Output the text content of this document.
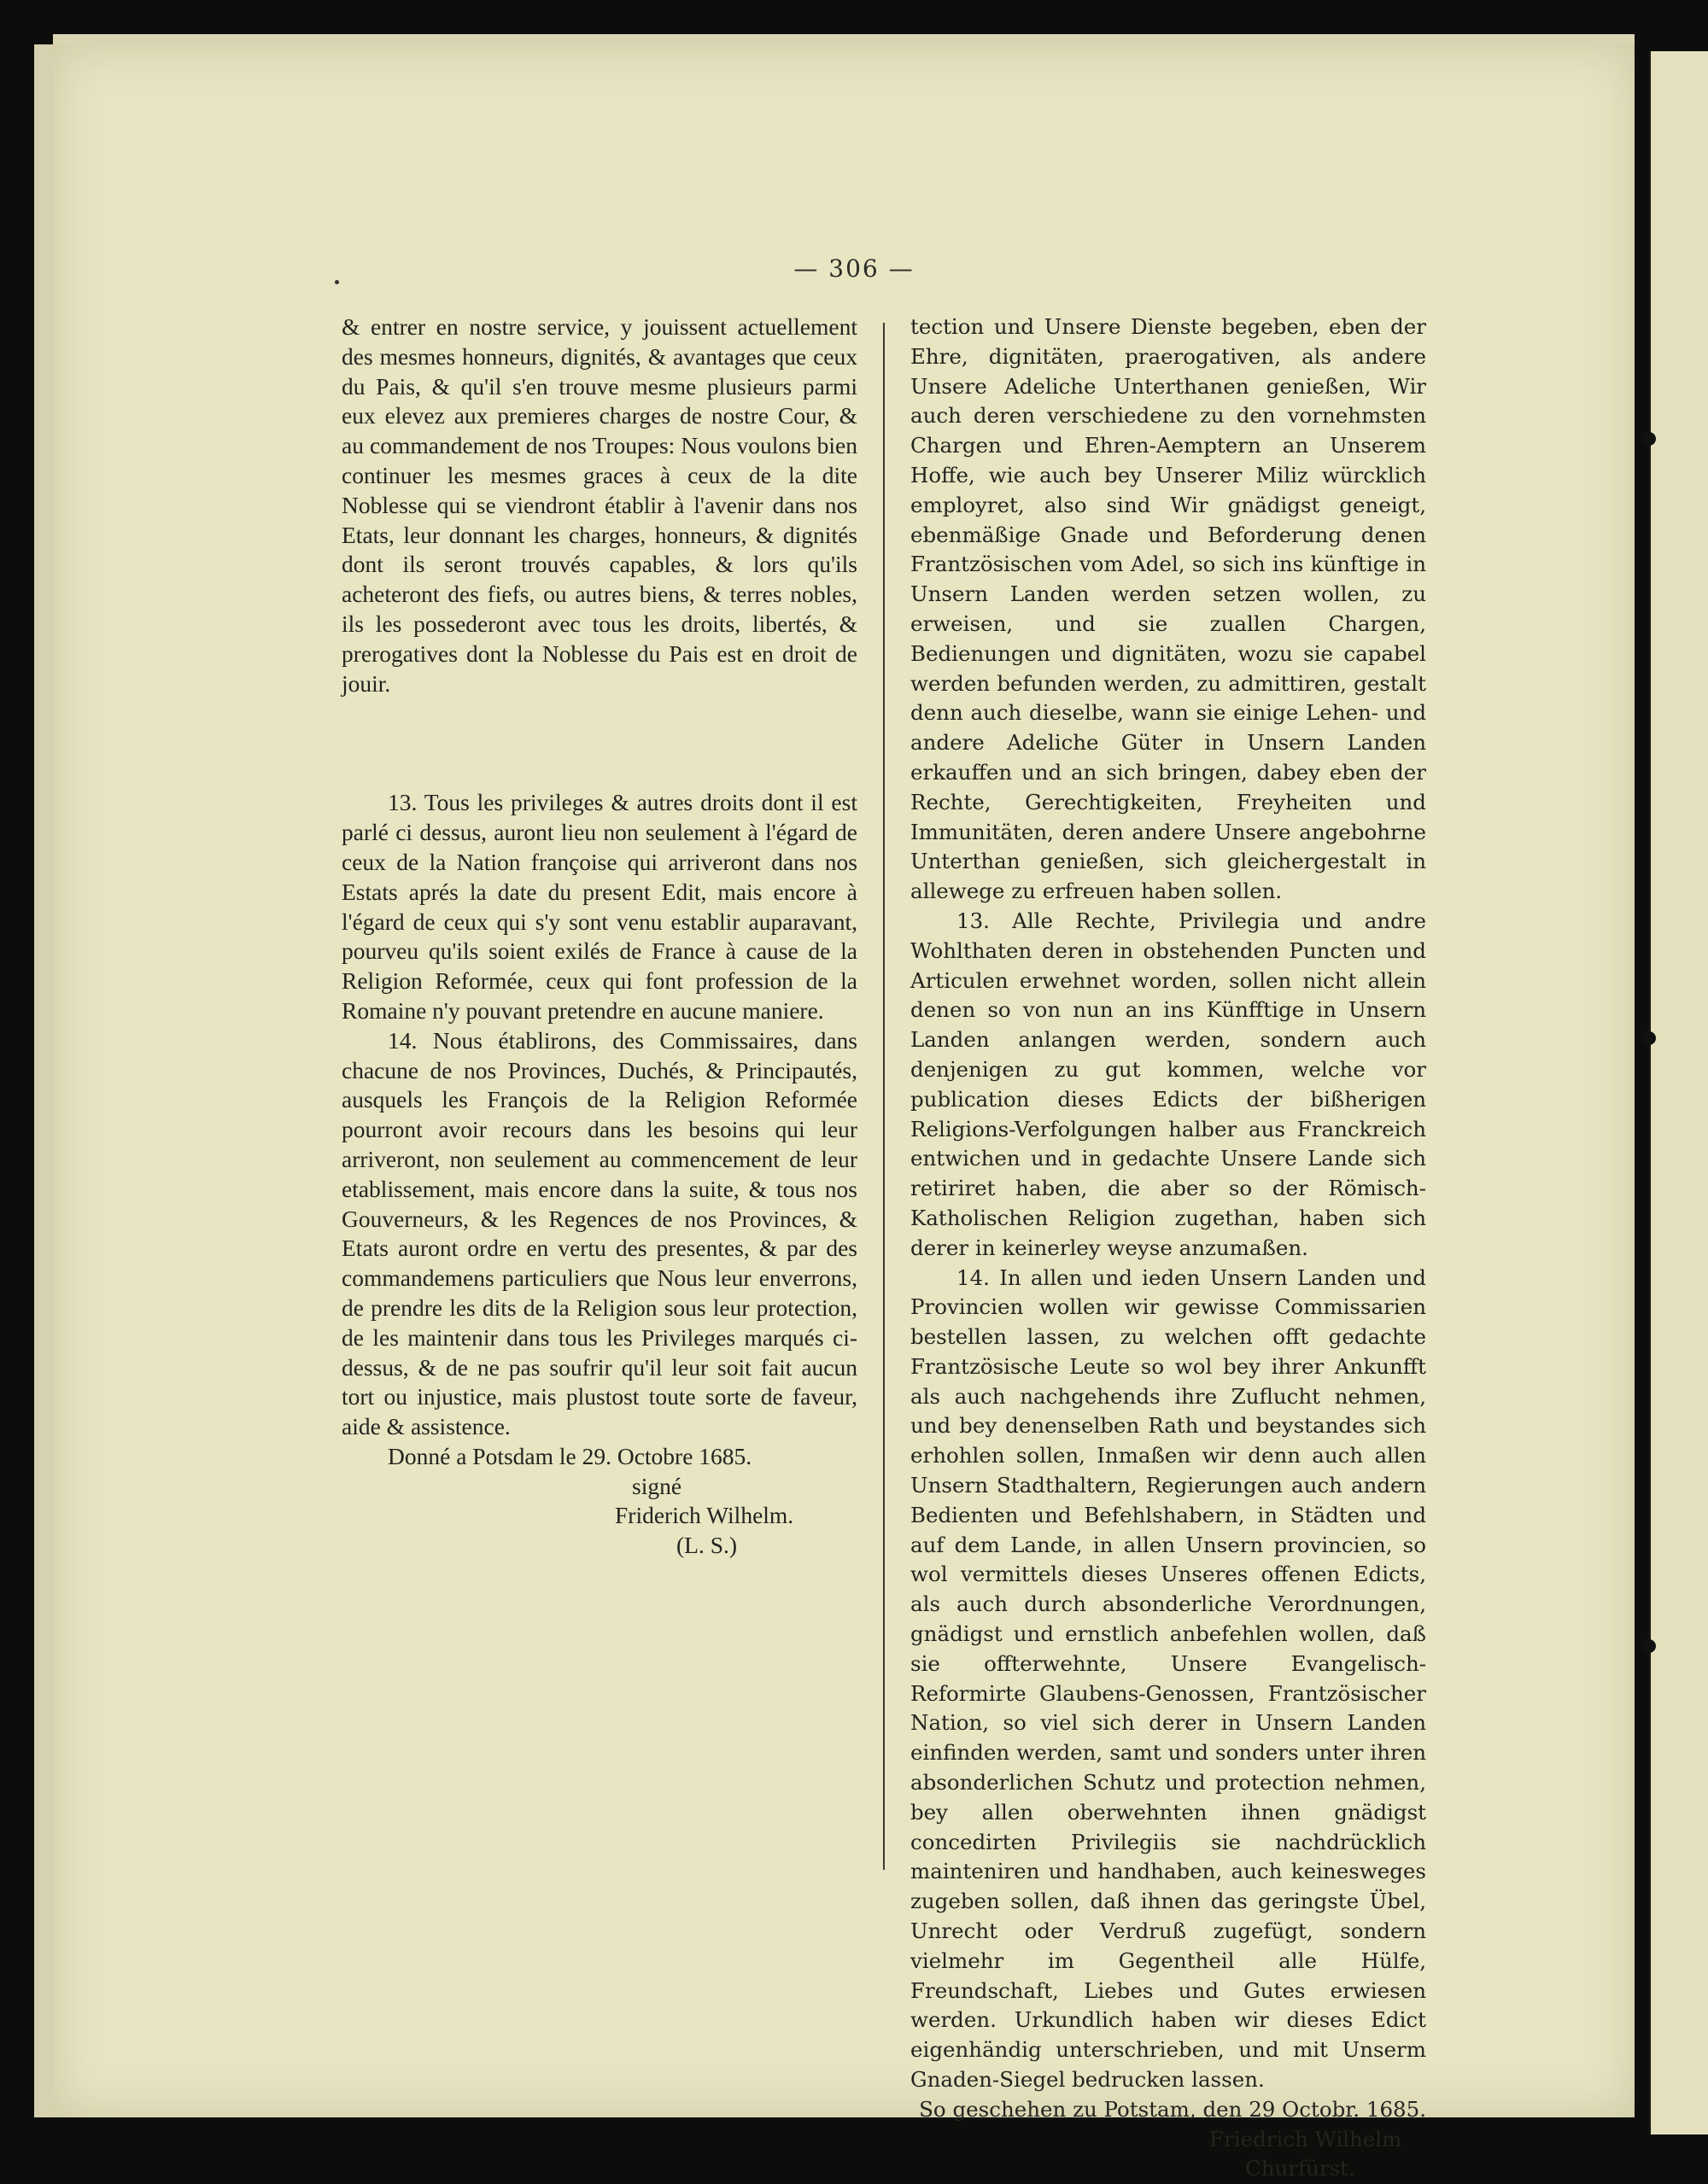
— 306 —

& entrer en nostre service, y jouissent actuellement des mesmes honneurs, dignités, & avantages que ceux du Pais, & qu'il s'en trouve mesme plusieurs parmi eux elevez aux premieres charges de nostre Cour, & au commandement de nos Troupes: Nous voulons bien continuer les mesmes graces à ceux de la dite Noblesse qui se viendront établir à l'avenir dans nos Etats, leur donnant les charges, honneurs, & dignités dont ils seront trouvés capables, & lors qu'ils acheteront des fiefs, ou autres biens, & terres nobles, ils les possederont avec tous les droits, libertés, & prerogatives dont la Noblesse du Pais est en droit de jouir.

13. Tous les privileges & autres droits dont il est parlé ci dessus, auront lieu non seulement à l'égard de ceux de la Nation françoise qui arriveront dans nos Estats aprés la date du present Edit, mais encore à l'égard de ceux qui s'y sont venu establir auparavant, pourveu qu'ils soient exilés de France à cause de la Religion Reformée, ceux qui font profession de la Romaine n'y pouvant pretendre en aucune maniere.

14. Nous établirons, des Commissaires, dans chacune de nos Provinces, Duchés, & Principautés, ausquels les François de la Religion Reformée pourront avoir recours dans les besoins qui leur arriveront, non seulement au commencement de leur etablissement, mais encore dans la suite, & tous nos Gouverneurs, & les Regences de nos Provinces, & Etats auront ordre en vertu des presentes, & par des commandemens particuliers que Nous leur enverrons, de prendre les dits de la Religion sous leur protection, de les maintenir dans tous les Privileges marqués ci-dessus, & de ne pas soufrir qu'il leur soit fait aucun tort ou injustice, mais plustost toute sorte de faveur, aide & assistence.

Donné a Potsdam le 29. Octobre 1685.
signé
Friderich Wilhelm.
(L. S.)

tection und Unsere Dienste begeben, eben der Ehre, dignitäten, praerogativen, als andere Unsere Adeliche Unterthanen genießen, Wir auch deren verschiedene zu den vornehmsten Chargen und Ehren-Aemptern an Unserem Hoffe, wie auch bey Unserer Miliz würcklich employret, also sind Wir gnädigst geneigt, ebenmäßige Gnade und Beforderung denen Frantzösischen vom Adel, so sich ins künftige in Unsern Landen werden setzen wollen, zu erweisen, und sie zuallen Chargen, Bedienungen und dignitäten, wozu sie capabel werden befunden werden, zu admittiren, gestalt denn auch dieselbe, wann sie einige Lehen- und andere Adeliche Güter in Unsern Landen erkauffen und an sich bringen, dabey eben der Rechte, Gerechtigkeiten, Freyheiten und Immunitäten, deren andere Unsere angebohrne Unterthan genießen, sich gleichergestalt in allewege zu erfreuen haben sollen.

13. Alle Rechte, Privilegia und andre Wohlthaten deren in obstehenden Puncten und Articulen erwehnet worden, sollen nicht allein denen so von nun an ins Künfftige in Unsern Landen anlangen werden, sondern auch denjenigen zu gut kommen, welche vor publication dieses Edicts der bißherigen Religions-Verfolgungen halber aus Franckreich entwichen und in gedachte Unsere Lande sich retiriret haben, die aber so der Römisch-Katholischen Religion zugethan, haben sich derer in keinerley weyse anzumaßen.

14. In allen und ieden Unsern Landen und Provincien wollen wir gewisse Commissarien bestellen lassen, zu welchen offt gedachte Frantzösische Leute so wol bey ihrer Ankunfft als auch nachgehends ihre Zuflucht nehmen, und bey denenselben Rath und beystandes sich erhohlen sollen, Inmaßen wir denn auch allen Unsern Stadthaltern, Regierungen auch andern Bedienten und Befehlshabern, in Städten und auf dem Lande, in allen Unsern provincien, so wol vermittels dieses Unseres offenen Edicts, als auch durch absonderliche Verordnungen, gnädigst und ernstlich anbefehlen wollen, daß sie offterwehnte, Unsere Evangelisch-Reformirte Glaubens-Genossen, Frantzösischer Nation, so viel sich derer in Unsern Landen einfinden werden, samt und sonders unter ihren absonderlichen Schutz und protection nehmen, bey allen oberwehnten ihnen gnädigst concedirten Privilegiis sie nachdrücklich mainteniren und handhaben, auch keinesweges zugeben sollen, daß ihnen das geringste Übel, Unrecht oder Verdruß zugefügt, sondern vielmehr im Gegentheil alle Hülfe, Freundschaft, Liebes und Gutes erwiesen werden. Urkundlich haben wir dieses Edict eigenhändig unterschrieben, und mit Unserm Gnaden-Siegel bedrucken lassen.

So geschehen zu Potstam, den 29 Octobr. 1685.
Friedrich Wilhelm
Churfürst.
